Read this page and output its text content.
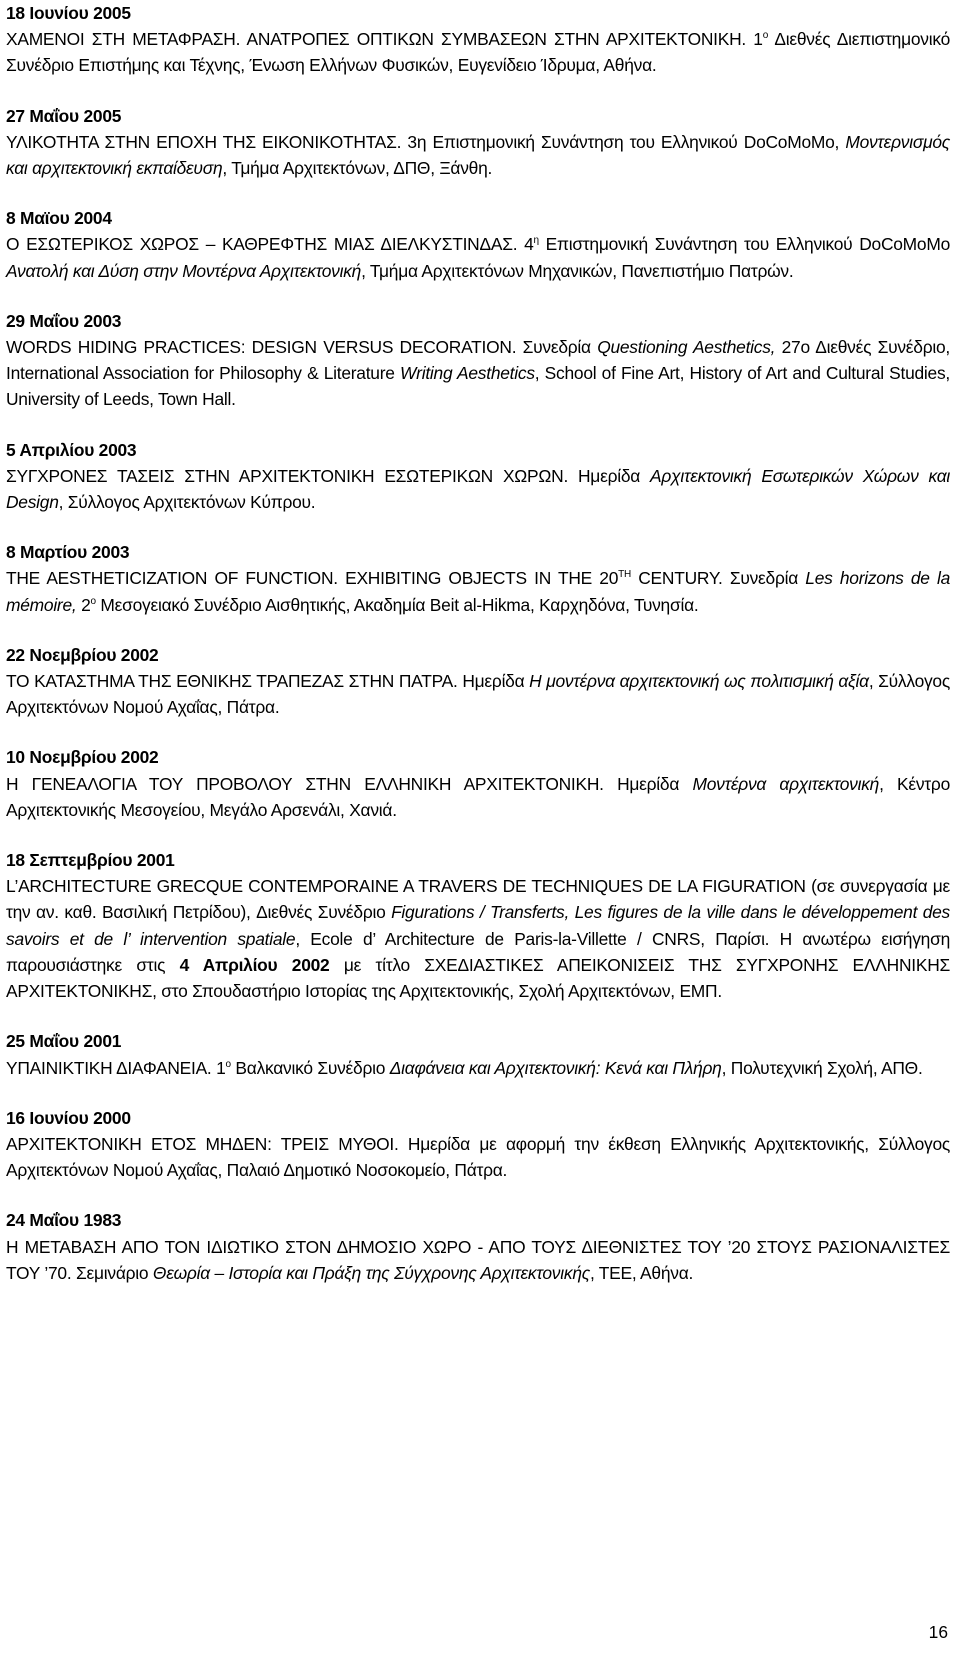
18 Ιουνίου 2005
ΧΑΜΕΝΟΙ ΣΤΗ ΜΕΤΑΦΡΑΣΗ. ΑΝΑΤΡΟΠΕΣ ΟΠΤΙΚΩΝ ΣΥΜΒΑΣΕΩΝ ΣΤΗΝ ΑΡΧΙΤΕΚΤΟΝΙΚΗ. $1^o$ Διεθνές Διεπιστημονικό Συνέδριο Επιστήμης και Τέχνης, Ένωση Ελλήνων Φυσικών, Ευγενίδειο Ίδρυμα, Αθήνα.
27 Μαΐου 2005
ΥΛΙΚΟΤΗΤΑ ΣΤΗΝ ΕΠΟΧΗ ΤΗΣ ΕΙΚΟΝΙΚΟΤΗΤΑΣ. 3η Επιστημονική Συνάντηση του Ελληνικού DoCoMoMo, Μοντερνισμός και αρχιτεκτονική εκπαίδευση, Τμήμα Αρχιτεκτόνων, ΔΠΘ, Ξάνθη.
8 Μαϊου 2004
Ο ΕΣΩΤΕΡΙΚΟΣ ΧΩΡΟΣ – ΚΑΘΡΕΦΤΗΣ ΜΙΑΣ ΔΙΕΛΚΥΣΤΙΝΔΑΣ. $4^\eta$ Επιστημονική Συνάντηση του Ελληνικού DoCoMoMo Ανατολή και Δύση στην Μοντέρνα Αρχιτεκτονική, Τμήμα Αρχιτεκτόνων Μηχανικών, Πανεπιστήμιο Πατρών.
29 Μαΐου 2003
WORDS HIDING PRACTICES: DESIGN VERSUS DECORATION. Συνεδρία Questioning Aesthetics, 27ο Διεθνές Συνέδριο, International Association for Philosophy & Literature Writing Aesthetics, School of Fine Art, History of Art and Cultural Studies, University of Leeds, Town Hall.
5 Απριλίου 2003
ΣΥΓΧΡΟΝΕΣ ΤΑΣΕΙΣ ΣΤΗΝ ΑΡΧΙΤΕΚΤΟΝΙΚΗ ΕΣΩΤΕΡΙΚΩΝ ΧΩΡΩΝ. Ημερίδα Αρχιτεκτονική Εσωτερικών Χώρων και Design, Σύλλογος Αρχιτεκτόνων Κύπρου.
8 Μαρτίου 2003
THE AESTHETICIZATION OF FUNCTION. EXHIBITING OBJECTS IN THE 20TH CENTURY. Συνεδρία Les horizons de la mémoire, $2^o$ Μεσογειακό Συνέδριο Αισθητικής, Ακαδημία Beit al-Hikma, Καρχηδόνα, Τυνησία.
22 Νοεμβρίου 2002
ΤΟ ΚΑΤΑΣΤΗΜΑ ΤΗΣ ΕΘΝΙΚΗΣ ΤΡΑΠΕΖΑΣ ΣΤΗΝ ΠΑΤΡΑ. Ημερίδα Η μοντέρνα αρχιτεκτονική ως πολιτισμική αξία, Σύλλογος Αρχιτεκτόνων Νομού Αχαΐας, Πάτρα.
10 Νοεμβρίου 2002
Η ΓΕΝΕΑΛΟΓΙΑ ΤΟΥ ΠΡΟΒΟΛΟΥ ΣΤΗΝ ΕΛΛΗΝΙΚΗ ΑΡΧΙΤΕΚΤΟΝΙΚΗ. Ημερίδα Μοντέρνα αρχιτεκτονική, Κέντρο Αρχιτεκτονικής Μεσογείου, Μεγάλο Αρσενάλι, Χανιά.
18 Σεπτεμβρίου 2001
L’ARCHITECTURE GRECQUE CONTEMPORAINE A TRAVERS DE TECHNIQUES DE LA FIGURATION (σε συνεργασία με την αν. καθ. Βασιλική Πετρίδου), Διεθνές Συνέδριο Figurations / Transferts, Les figures de la ville dans le développement des savoirs et de l’ intervention spatiale, Ecole d’ Architecture de Paris-la-Villette / CNRS, Παρίσι. Η ανωτέρω εισήγηση παρουσιάστηκε στις 4 Απριλίου 2002 με τίτλο ΣΧΕΔΙΑΣΤΙΚΕΣ ΑΠΕΙΚΟΝΙΣΕΙΣ ΤΗΣ ΣΥΓΧΡΟΝΗΣ ΕΛΛΗΝΙΚΗΣ ΑΡΧΙΤΕΚΤΟΝΙΚΗΣ, στο Σπουδαστήριο Ιστορίας της Αρχιτεκτονικής, Σχολή Αρχιτεκτόνων, ΕΜΠ.
25 Μαΐου 2001
ΥΠΑΙΝΙΚΤΙΚΗ ΔΙΑΦΑΝΕΙΑ. $1^o$ Βαλκανικό Συνέδριο Διαφάνεια και Αρχιτεκτονική: Κενά και Πλήρη, Πολυτεχνική Σχολή, ΑΠΘ.
16 Ιουνίου 2000
ΑΡΧΙΤΕΚΤΟΝΙΚΗ ΕΤΟΣ ΜΗΔΕΝ: ΤΡΕΙΣ ΜΥΘΟΙ. Ημερίδα με αφορμή την έκθεση Ελληνικής Αρχιτεκτονικής, Σύλλογος Αρχιτεκτόνων Νομού Αχαΐας, Παλαιό Δημοτικό Νοσοκομείο, Πάτρα.
24 Μαΐου 1983
Η ΜΕΤΑΒΑΣΗ ΑΠΟ ΤΟΝ ΙΔΙΩΤΙΚΟ ΣΤΟΝ ΔΗΜΟΣΙΟ ΧΩΡΟ - ΑΠΟ ΤΟΥΣ ΔΙΕΘΝΙΣΤΕΣ ΤΟΥ ’20 ΣΤΟΥΣ ΡΑΣΙΟΝΑΛΙΣΤΕΣ ΤΟΥ ’70. Σεμινάριο Θεωρία – Ιστορία και Πράξη της Σύγχρονης Αρχιτεκτονικής, ΤΕΕ, Αθήνα.
16
